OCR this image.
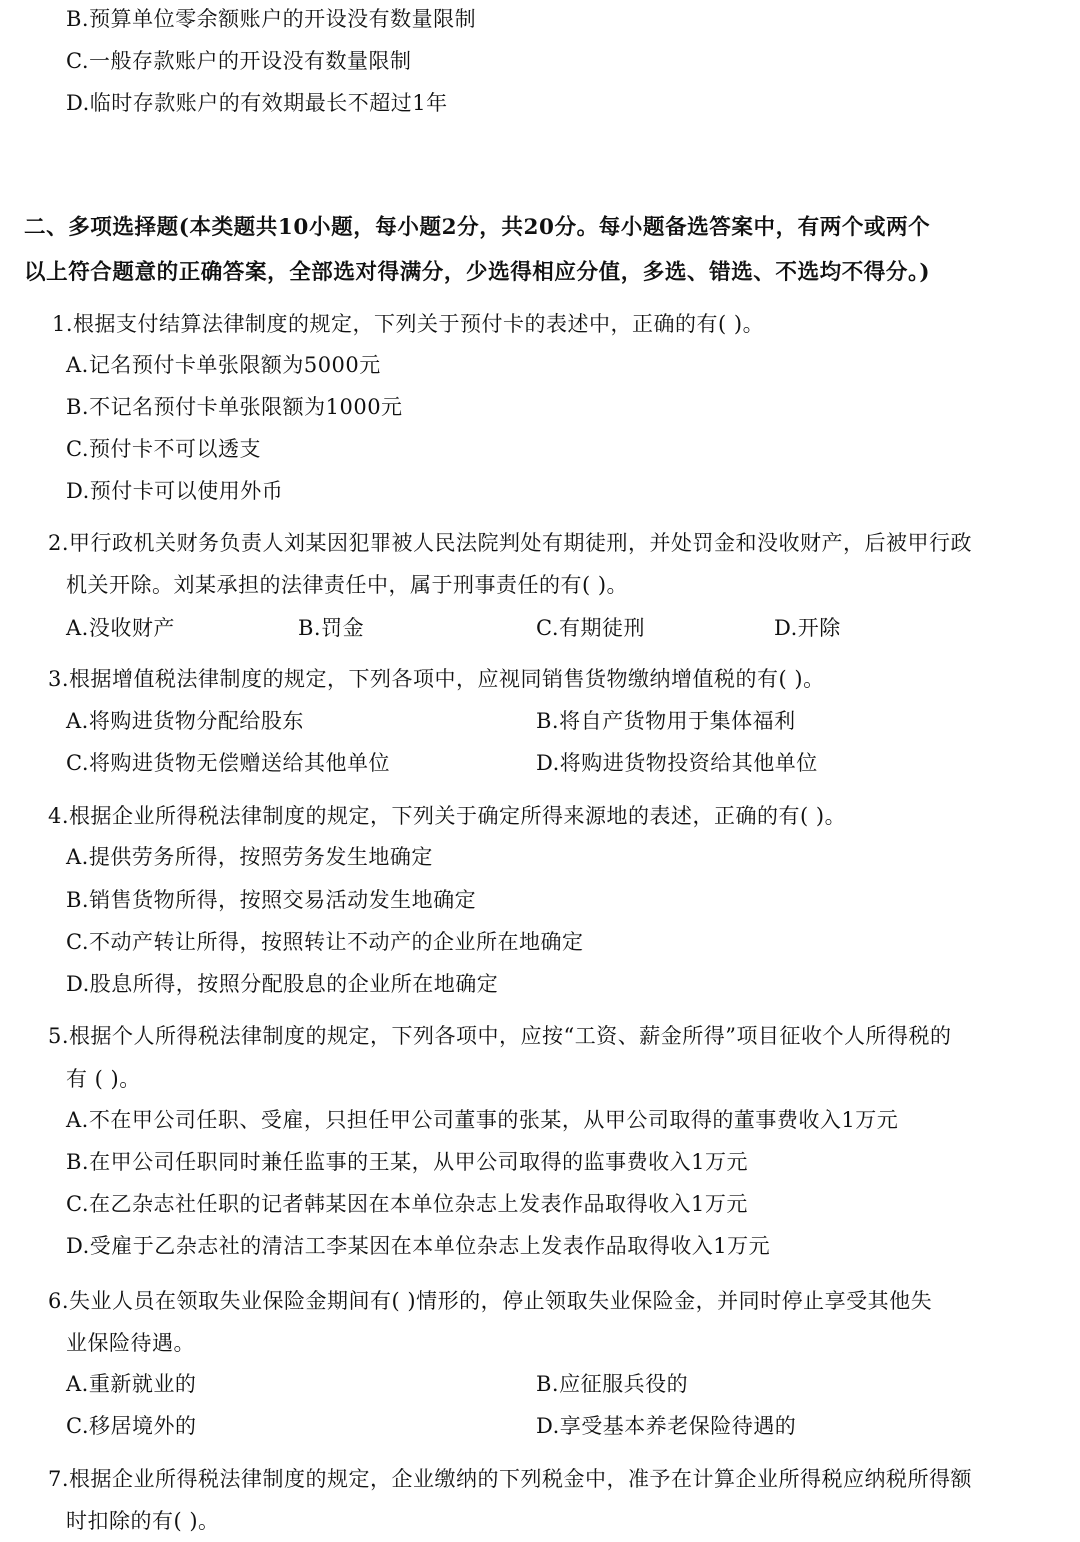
B.预算单位零余额账户的开设没有数量限制
C.一般存款账户的开设没有数量限制
D.临时存款账户的有效期最长不超过1年
二、多项选择题(本类题共10小题，每小题2分，共20分。每小题备选答案中，有两个或两个
以上符合题意的正确答案，全部选对得满分，少选得相应分值，多选、错选、不选均不得分。)
1.根据支付结算法律制度的规定，下列关于预付卡的表述中，正确的有( )。
A.记名预付卡单张限额为5000元
B.不记名预付卡单张限额为1000元
C.预付卡不可以透支
D.预付卡可以使用外币
2.甲行政机关财务负责人刘某因犯罪被人民法院判处有期徒刑，并处罚金和没收财产，后被甲行政
机关开除。刘某承担的法律责任中，属于刑事责任的有( )。
A.没收财产	B.罚金	C.有期徒刑	D.开除
3.根据增值税法律制度的规定，下列各项中，应视同销售货物缴纳增值税的有( )。
A.将购进货物分配给股东	B.将自产货物用于集体福利
C.将购进货物无偿赠送给其他单位	D.将购进货物投资给其他单位
4.根据企业所得税法律制度的规定，下列关于确定所得来源地的表述，正确的有( )。
A.提供劳务所得，按照劳务发生地确定
B.销售货物所得，按照交易活动发生地确定
C.不动产转让所得，按照转让不动产的企业所在地确定
D.股息所得，按照分配股息的企业所在地确定
5.根据个人所得税法律制度的规定，下列各项中，应按“工资、薪金所得”项目征收个人所得税的
有 ( )。
A.不在甲公司任职、受雇，只担任甲公司董事的张某，从甲公司取得的董事费收入1万元
B.在甲公司任职同时兼任监事的王某，从甲公司取得的监事费收入1万元
C.在乙杂志社任职的记者韩某因在本单位杂志上发表作品取得收入1万元
D.受雇于乙杂志社的清洁工李某因在本单位杂志上发表作品取得收入1万元
6.失业人员在领取失业保险金期间有( )情形的，停止领取失业保险金，并同时停止享受其他失
业保险待遇。
A.重新就业的	B.应征服兵役的
C.移居境外的	D.享受基本养老保险待遇的
7.根据企业所得税法律制度的规定，企业缴纳的下列税金中，准予在计算企业所得税应纳税所得额
时扣除的有( )。
